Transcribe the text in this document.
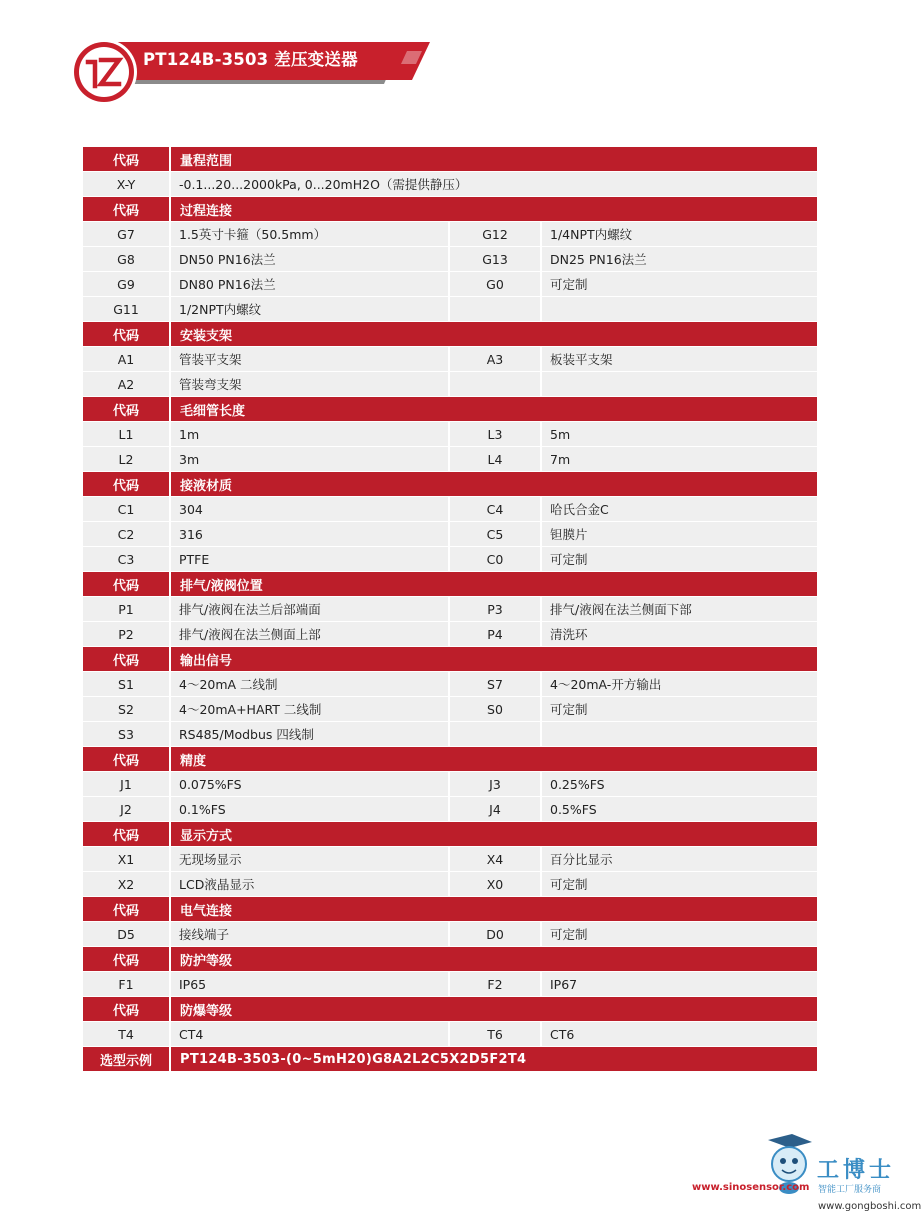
PT124B-3503 差压变送器
代码	量程范围
X-Y	-0.1...20...2000kPa, 0...20mH2O（需提供静压）
代码	过程连接
G7	1.5英寸卡箍（50.5mm）	G12	1/4NPT内螺纹
G8	DN50 PN16法兰	G13	DN25 PN16法兰
G9	DN80 PN16法兰	G0	可定制
G11	1/2NPT内螺纹
代码	安装支架
A1	管装平支架	A3	板装平支架
A2	管装弯支架
代码	毛细管长度
L1	1m	L3	5m
L2	3m	L4	7m
代码	接液材质
C1	304	C4	哈氏合金C
C2	316	C5	钽膜片
C3	PTFE	C0	可定制
代码	排气/液阀位置
P1	排气/液阀在法兰后部端面	P3	排气/液阀在法兰侧面下部
P2	排气/液阀在法兰侧面上部	P4	清洗环
代码	输出信号
S1	4～20mA 二线制	S7	4～20mA-开方输出
S2	4～20mA+HART 二线制	S0	可定制
S3	RS485/Modbus 四线制
代码	精度
J1	0.075%FS	J3	0.25%FS
J2	0.1%FS	J4	0.5%FS
代码	显示方式
X1	无现场显示	X4	百分比显示
X2	LCD液晶显示	X0	可定制
代码	电气连接
D5	接线端子	D0	可定制
代码	防护等级
F1	IP65	F2	IP67
代码	防爆等级
T4	CT4	T6	CT6
选型示例	PT124B-3503-(0~5mH20)G8A2L2C5X2D5F2T4
工博士
智能工厂服务商
www.sinosensor.com
www.gongboshi.com
